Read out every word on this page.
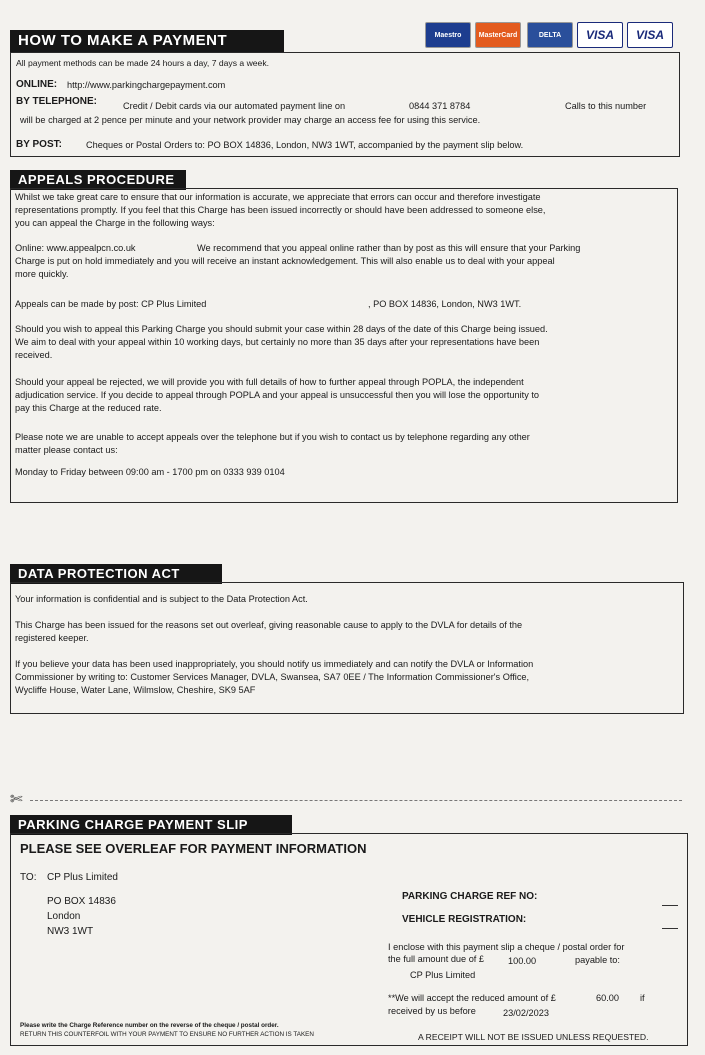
HOW TO MAKE A PAYMENT	Maestro	MasterCard	DELTA	VISA	VISA
All payment methods can be made 24 hours a day, 7 days a week.
ONLINE: http://www.parkingchargepayment.com
BY TELEPHONE:	Credit / Debit cards via our automated payment line on	0844 371 8784	Calls to this number
will be charged at 2 pence per minute and your network provider may charge an access fee for using this service.
BY POST:	Cheques or Postal Orders to: PO BOX 14836, London, NW3 1WT, accompanied by the payment slip below.
APPEALS PROCEDURE
Whilst we take great care to ensure that our information is accurate, we appreciate that errors can occur and therefore investigate
representations promptly. If you feel that this Charge has been issued incorrectly or should have been addressed to someone else,
you can appeal the Charge in the following ways:
Online: www.appealpcn.co.uk	We recommend that you appeal online rather than by post as this will ensure that your Parking
Charge is put on hold immediately and you will receive an instant acknowledgement. This will also enable us to deal with your appeal
more quickly.
Appeals can be made by post: CP Plus Limited	, PO BOX 14836, London, NW3 1WT.
Should you wish to appeal this Parking Charge you should submit your case within 28 days of the date of this Charge being issued.
We aim to deal with your appeal within 10 working days, but certainly no more than 35 days after your representations have been
received.
Should your appeal be rejected, we will provide you with full details of how to further appeal through POPLA, the independent
adjudication service. If you decide to appeal through POPLA and your appeal is unsuccessful then you will lose the opportunity to
pay this Charge at the reduced rate.
Please note we are unable to accept appeals over the telephone but if you wish to contact us by telephone regarding any other
matter please contact us:
Monday to Friday between 09:00 am - 1700 pm on 0333 939 0104
DATA PROTECTION ACT
Your information is confidential and is subject to the Data Protection Act.
This Charge has been issued for the reasons set out overleaf, giving reasonable cause to apply to the DVLA for details of the
registered keeper.
If you believe your data has been used inappropriately, you should notify us immediately and can notify the DVLA or Information
Commissioner by writing to: Customer Services Manager, DVLA, Swansea, SA7 0EE / The Information Commissioner's Office,
Wycliffe House, Water Lane, Wilmslow, Cheshire, SK9 5AF
✄
PARKING CHARGE PAYMENT SLIP
PLEASE SEE OVERLEAF FOR PAYMENT INFORMATION
TO: CP Plus Limited
PO BOX 14836
London
NW3 1WT
PARKING CHARGE REF NO:
VEHICLE REGISTRATION:
I enclose with this payment slip a cheque / postal order for
the full amount due of £	100.00	payable to:
CP Plus Limited
**We will accept the reduced amount of £	60.00 if
received by us before	23/02/2023
Please write the Charge Reference number on the reverse of the cheque / postal order.
RETURN THIS COUNTERFOIL WITH YOUR PAYMENT TO ENSURE NO FURTHER ACTION IS TAKEN	A RECEIPT WILL NOT BE ISSUED UNLESS REQUESTED.
